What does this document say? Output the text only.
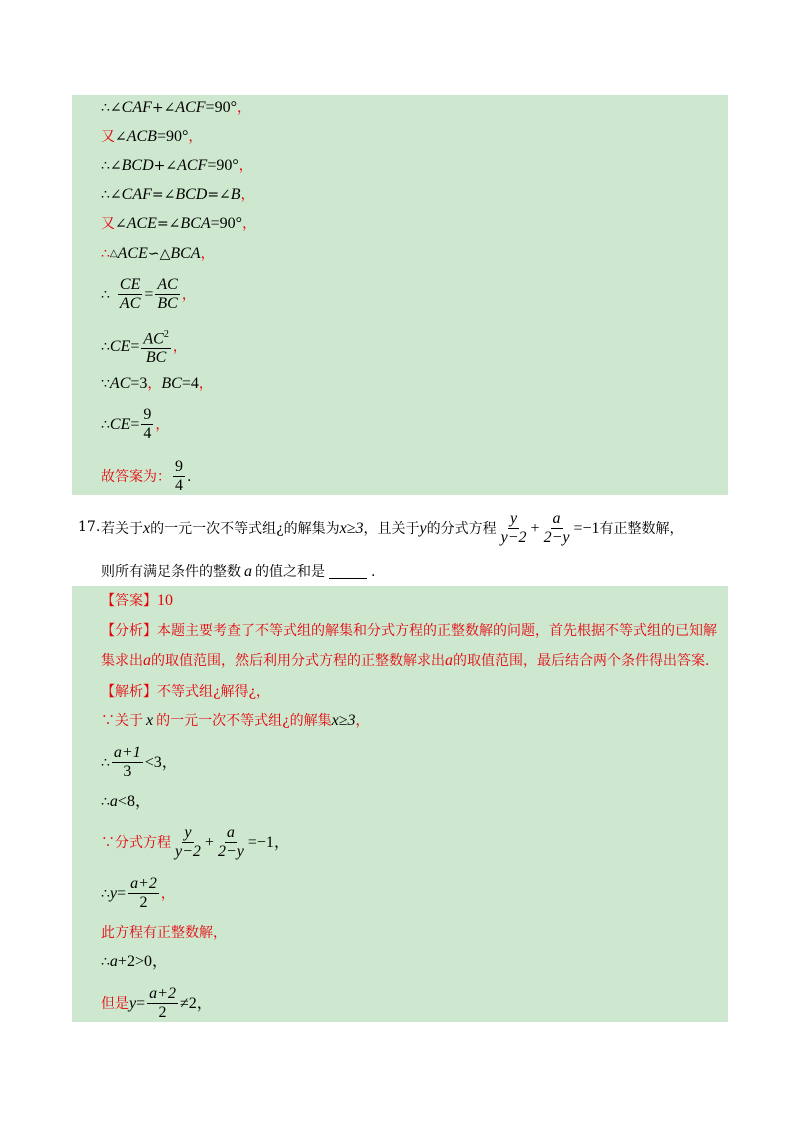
∴∠ CAF +∠ ACF =90° ，
又 ∠ ACB =90° ，
∴∠ BCD +∠ ACF =90° ，
∴∠ CAF =∠ BCD =∠ B ，
又 ∠ ACE =∠ BCA =90° ，
∴ △ ACE ∽△ BCA ，
∴ $\frac{CE}{AC} = \frac{AC}{BC}$ ，
∴ CE = $\frac{AC^2}{BC}$ ，
∵ AC =3 ， BC =4 ，
∴ CE = $\frac{9}{4}$ ，
故答案为： $\frac{9}{4}$ .
17. 若关于 x 的一元一次不等式组¿的解集为 x≥3 ，且关于 y 的分式方程 $\frac{y}{y-2} + \frac{a}{2-y} =-1$ 有正整数解，
则所有满足条件的整数 a 的值之和是	.
【答案】 10
【分析】 本题主要考查了不等式组的解集和分式方程的正整数解的问题，首先根据不等式组的已知解
集求出 a 的取值范围，然后利用分式方程的正整数解求出 a 的取值范围，最后结合两个条件得出答案.
【解析】 不等式组¿解得¿，
∵关于 x 的一元一次不等式组¿的解集 x≥3 ，
∴ $\frac{a+1}{3} <3$，
∴ a <8，
∵分式方程 $\frac{y}{y-2} + \frac{a}{2-y} =-1$，
∴ $y = \frac{a+2}{2}$ ，
此方程有正整数解，
∴ a +2>0，
但是 $y = \frac{a+2}{2} \ne 2$，
